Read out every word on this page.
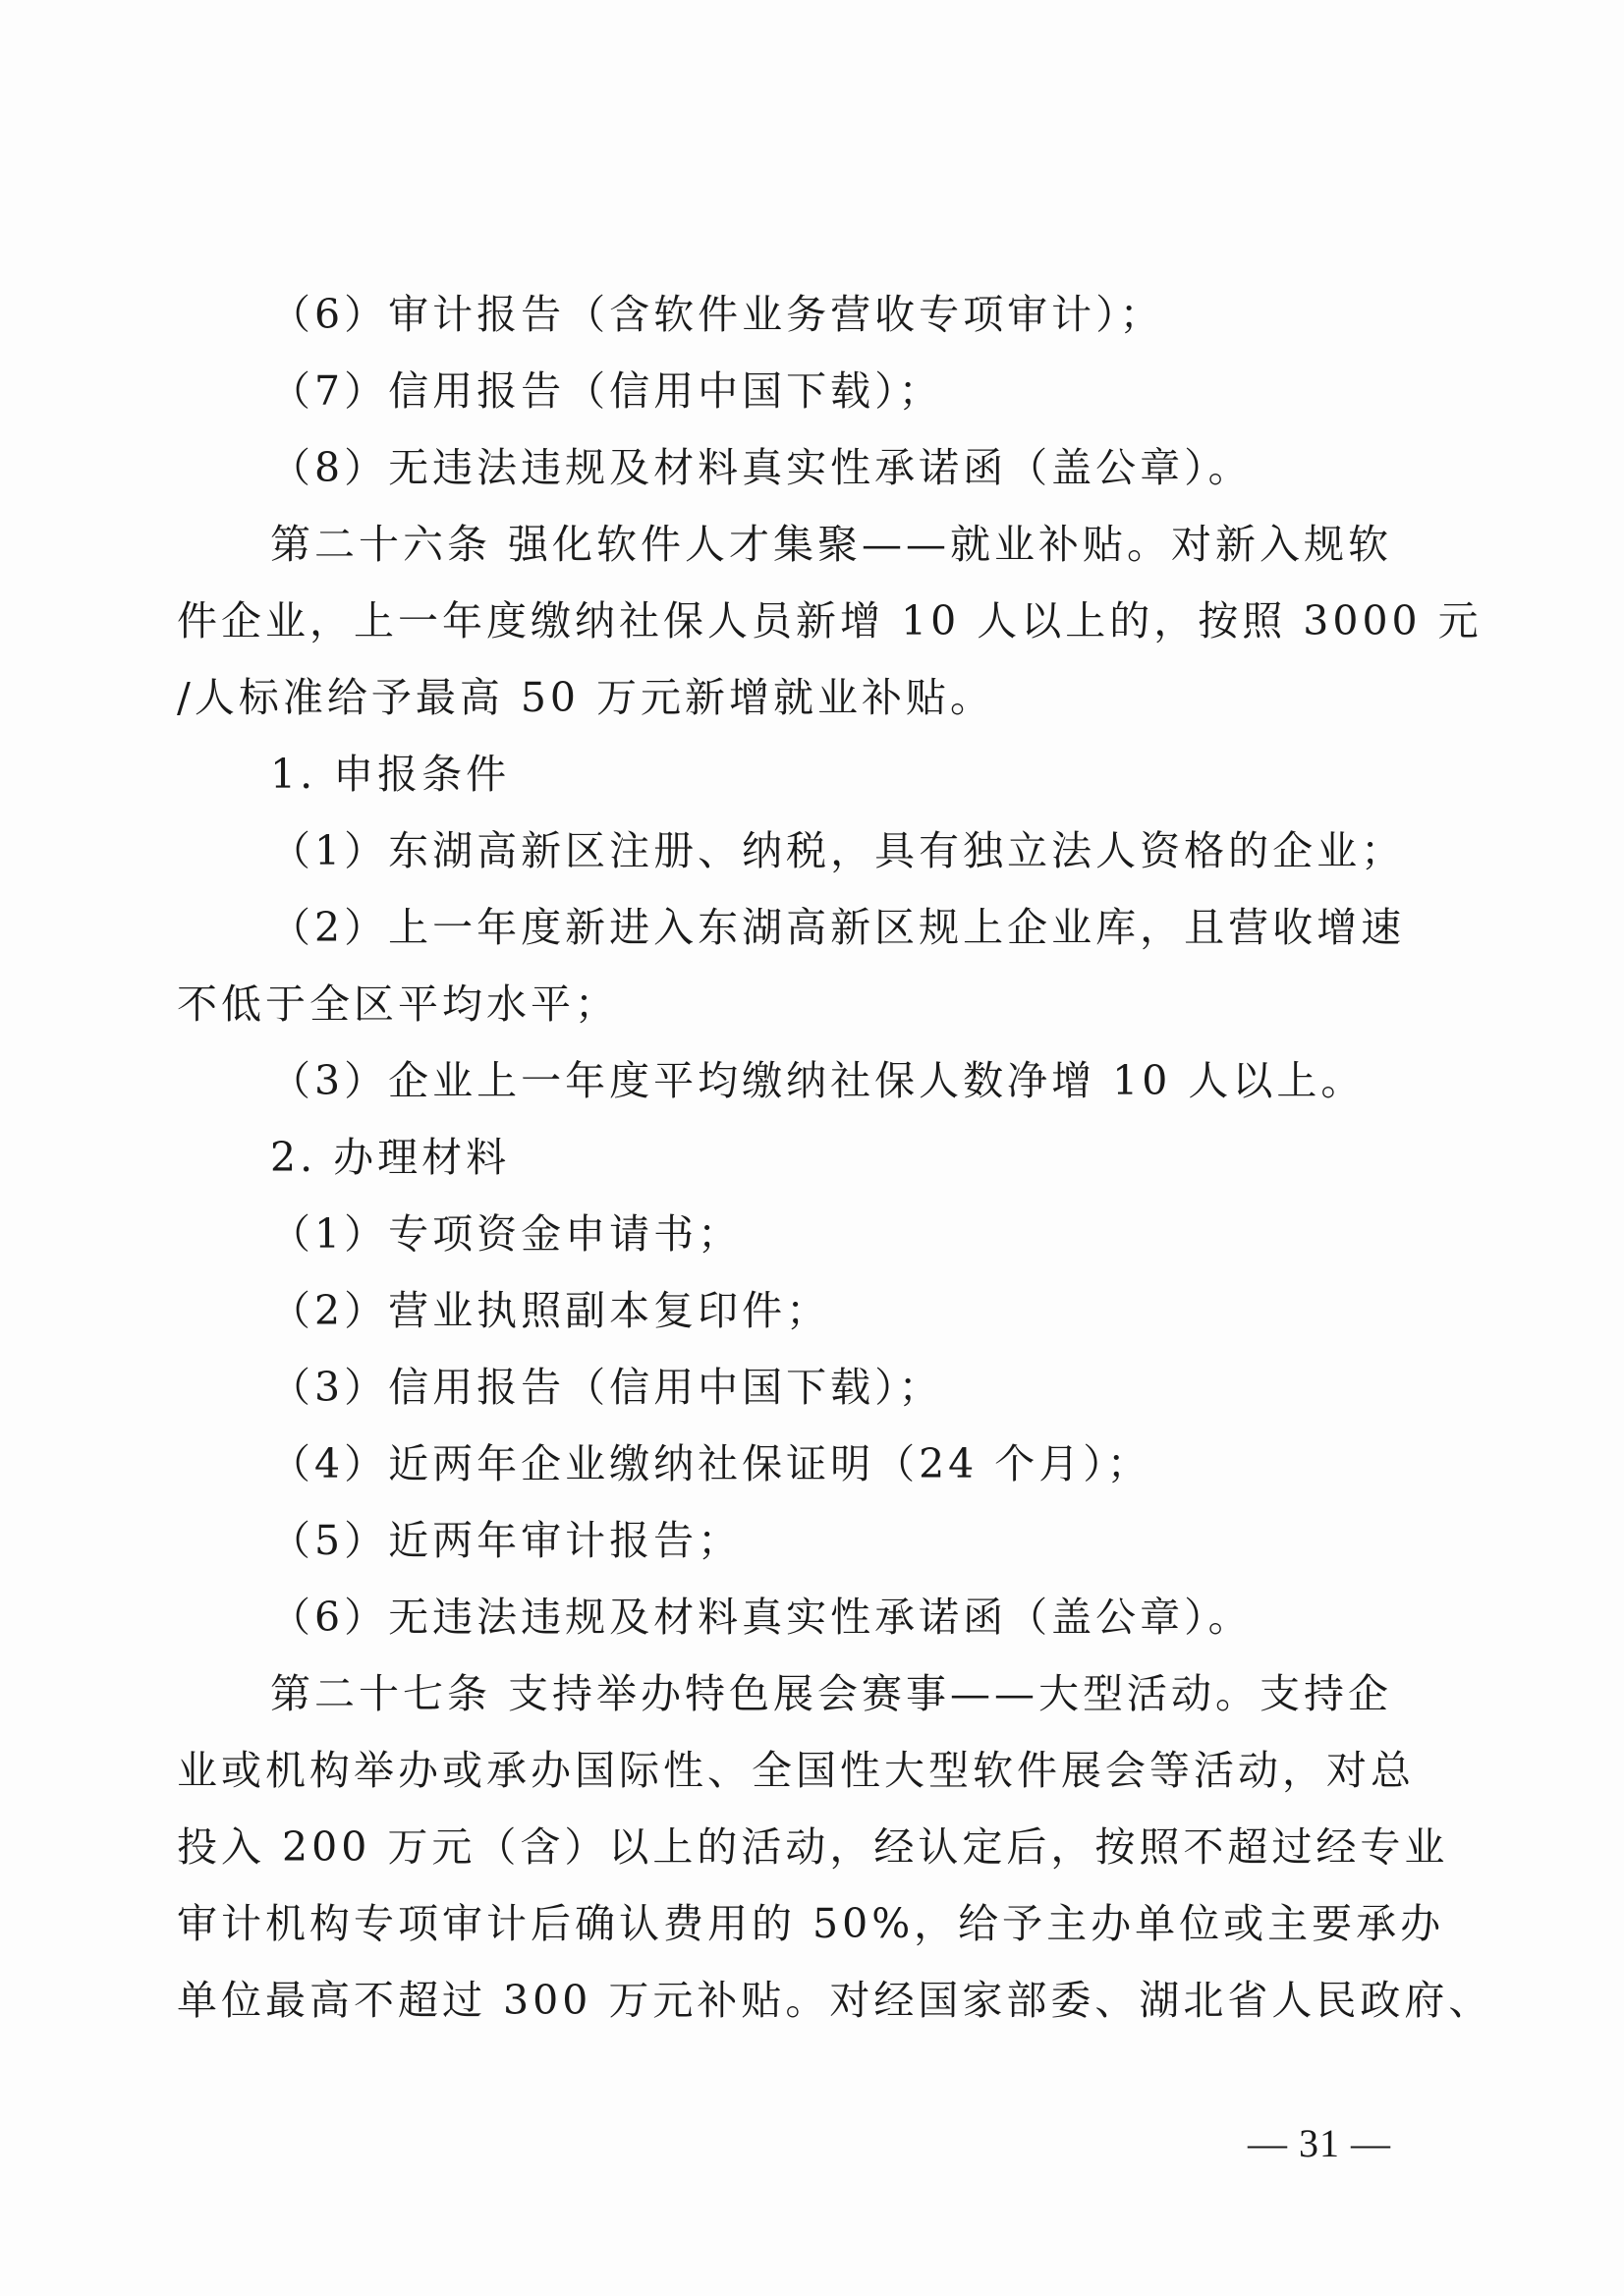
（6）审计报告（含软件业务营收专项审计）；
（7）信用报告（信用中国下载）；
（8）无违法违规及材料真实性承诺函（盖公章）。
第二十六条 强化软件人才集聚——就业补贴。对新入规软
件企业，上一年度缴纳社保人员新增 10 人以上的，按照 3000 元
/人标准给予最高 50 万元新增就业补贴。
1. 申报条件
（1）东湖高新区注册、纳税，具有独立法人资格的企业；
（2）上一年度新进入东湖高新区规上企业库，且营收增速
不低于全区平均水平；
（3）企业上一年度平均缴纳社保人数净增 10 人以上。
2. 办理材料
（1）专项资金申请书；
（2）营业执照副本复印件；
（3）信用报告（信用中国下载）；
（4）近两年企业缴纳社保证明（24 个月）；
（5）近两年审计报告；
（6）无违法违规及材料真实性承诺函（盖公章）。
第二十七条 支持举办特色展会赛事——大型活动。支持企
业或机构举办或承办国际性、全国性大型软件展会等活动，对总
投入 200 万元（含）以上的活动，经认定后，按照不超过经专业
审计机构专项审计后确认费用的 50%，给予主办单位或主要承办
单位最高不超过 300 万元补贴。对经国家部委、湖北省人民政府、
— 31 —
